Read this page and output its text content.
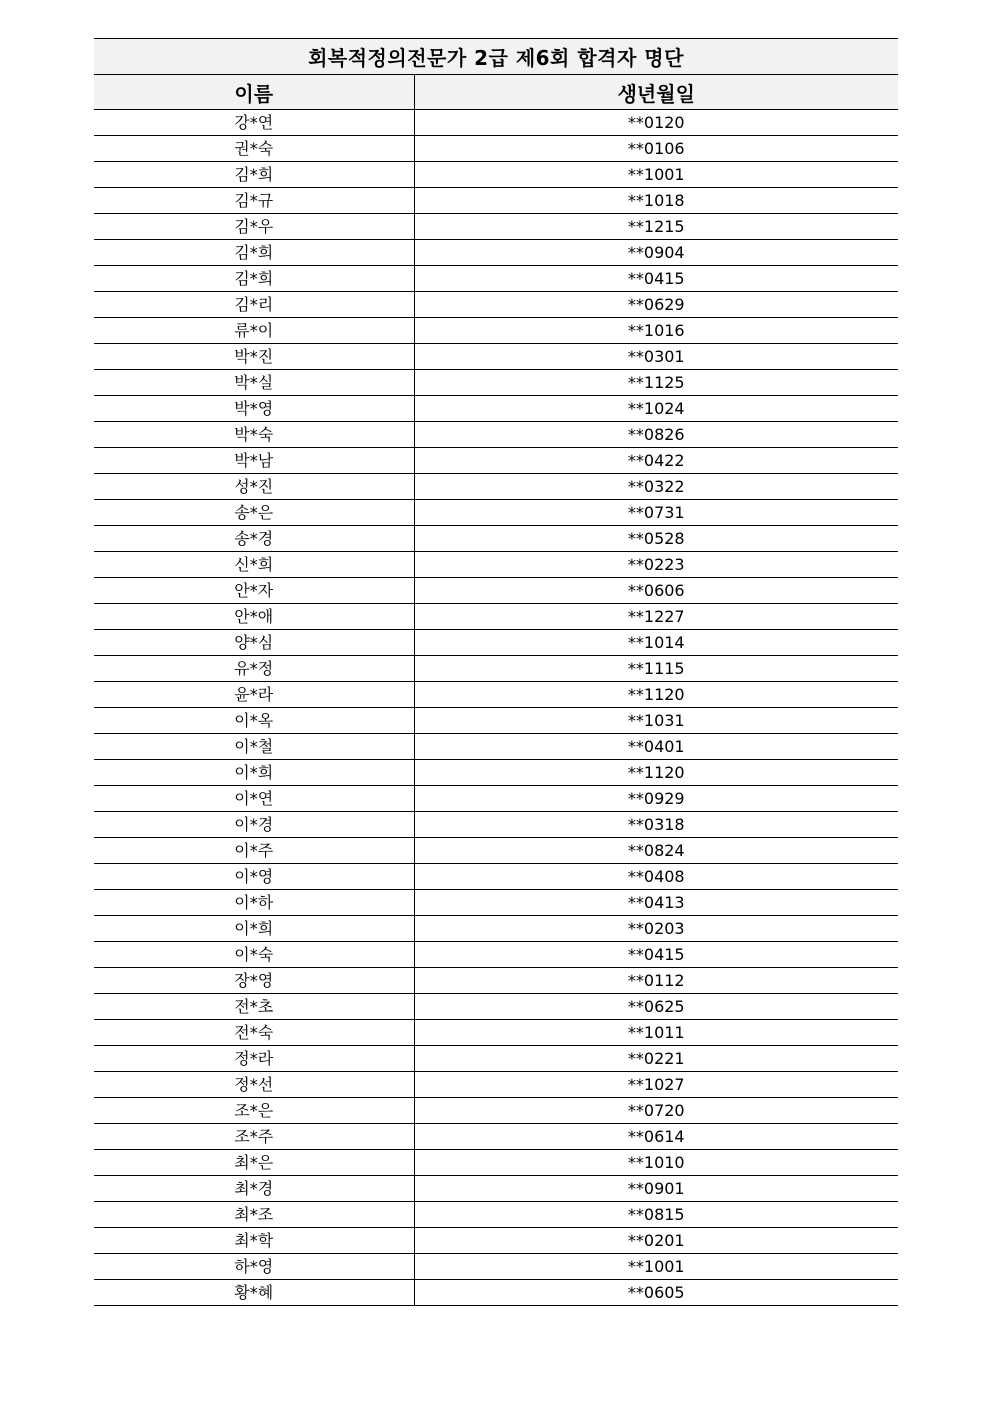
회복적정의전문가 2급 제6회 합격자 명단	
이름	생년월일
강*연	**0120
권*숙	**0106
김*희	**1001
김*규	**1018
김*우	**1215
김*희	**0904
김*희	**0415
김*리	**0629
류*이	**1016
박*진	**0301
박*실	**1125
박*영	**1024
박*숙	**0826
박*남	**0422
성*진	**0322
송*은	**0731
송*경	**0528
신*희	**0223
안*자	**0606
안*애	**1227
양*심	**1014
유*정	**1115
윤*라	**1120
이*옥	**1031
이*철	**0401
이*희	**1120
이*연	**0929
이*경	**0318
이*주	**0824
이*영	**0408
이*하	**0413
이*희	**0203
이*숙	**0415
장*영	**0112
전*초	**0625
전*숙	**1011
정*라	**0221
정*선	**1027
조*은	**0720
조*주	**0614
최*은	**1010
최*경	**0901
최*조	**0815
최*학	**0201
하*영	**1001
황*혜	**0605
